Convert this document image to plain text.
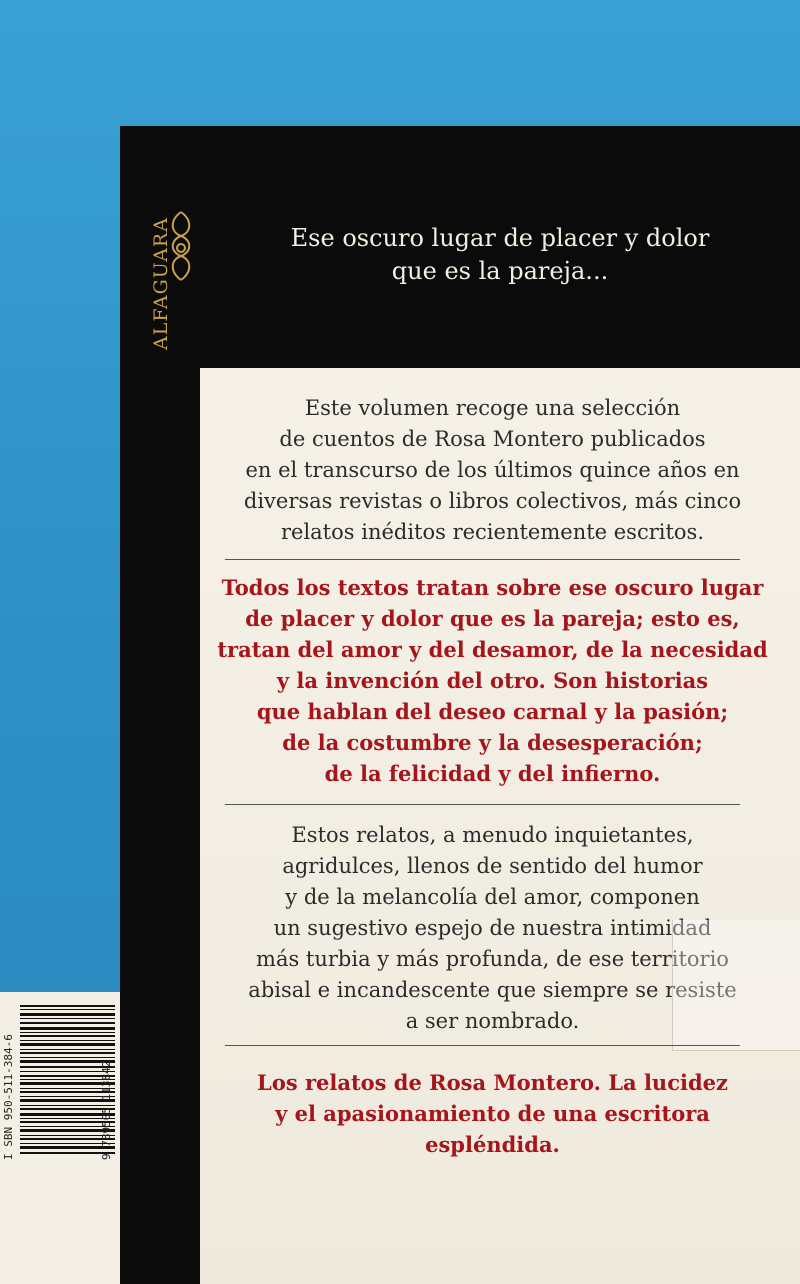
I SBN 950-511-384-6	9 789505 113842
ALFAGUARA	Ese oscuro lugar de placer y dolor
que es la pareja...

Este volumen recoge una selección

de cuentos de Rosa Montero publicados

en el transcurso de los últimos quince años en

diversas revistas o libros colectivos, más cinco

relatos inéditos recientemente escritos.

Todos los textos tratan sobre ese oscuro lugar

de placer y dolor que es la pareja; esto es,

tratan del amor y del desamor, de la necesidad

y la invención del otro. Son historias

que hablan del deseo carnal y la pasión;

de la costumbre y la desesperación;

de la felicidad y del infierno.

Estos relatos, a menudo inquietantes,

agridulces, llenos de sentido del humor

y de la melancolía del amor, componen

un sugestivo espejo de nuestra intimidad

más turbia y más profunda, de ese territorio

abisal e incandescente que siempre se resiste

a ser nombrado.

Los relatos de Rosa Montero. La lucidez

y el apasionamiento de una escritora

espléndida.
